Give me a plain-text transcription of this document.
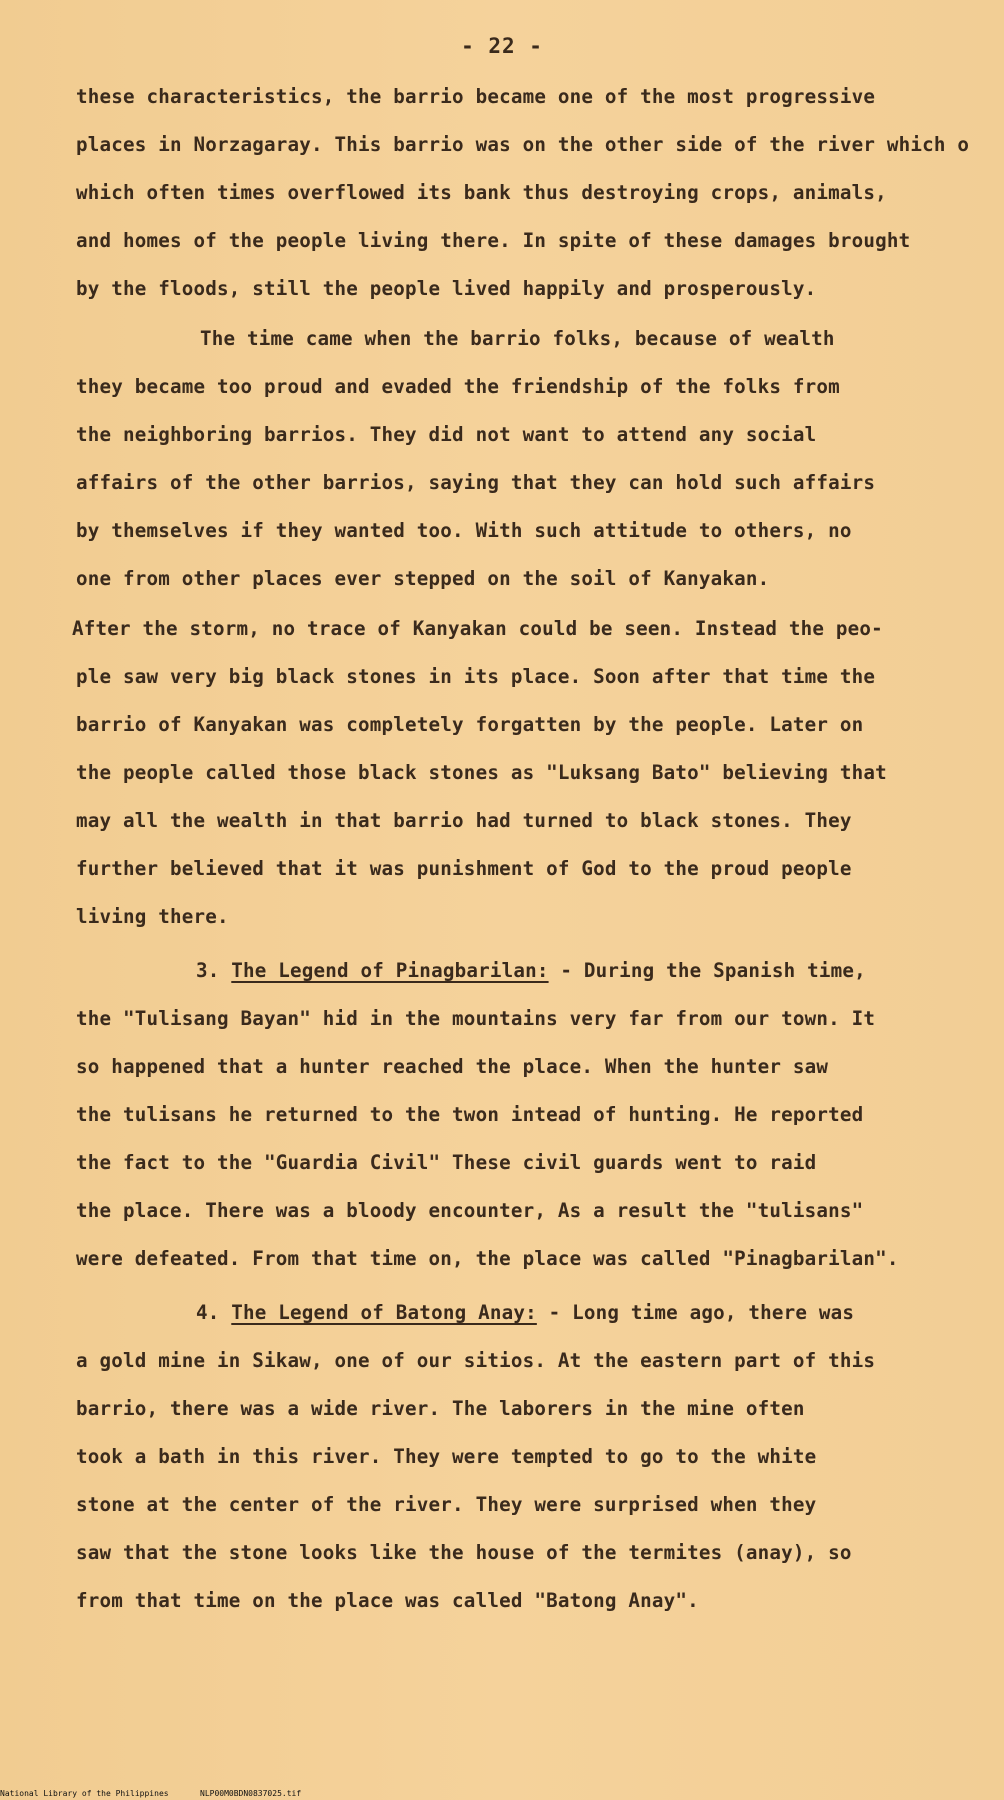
- 22 -
these characteristics, the barrio became one of the most progressive
places in Norzagaray. This barrio was on the other side of the river which o
which often times overflowed its bank thus destroying crops, animals,
and homes of the people living there. In spite of these damages brought
by the floods, still the people lived happily and prosperously.
The time came when the barrio folks, because of wealth
they became too proud and evaded the friendship of the folks from
the neighboring barrios. They did not want to attend any social
affairs of the other barrios, saying that they can hold such affairs
by themselves if they wanted too. With such attitude to others, no
one from other places ever stepped on the soil of Kanyakan.
After the storm, no trace of Kanyakan could be seen. Instead the peo-
ple saw very big black stones in its place. Soon after that time the
barrio of Kanyakan was completely forgatten by the people. Later on
the people called those black stones as "Luksang Bato" believing that
may all the wealth in that barrio had turned to black stones. They
further believed that it was punishment of God to the proud people
living there.
3. The Legend of Pinagbarilan: - During the Spanish time,
the "Tulisang Bayan" hid in the mountains very far from our town. It
so happened that a hunter reached the place. When the hunter saw
the tulisans he returned to the twon intead of hunting. He reported
the fact to the "Guardia Civil" These civil guards went to raid
the place. There was a bloody encounter, As a result the "tulisans"
were defeated. From that time on, the place was called "Pinagbarilan".
4. The Legend of Batong Anay: - Long time ago, there was
a gold mine in Sikaw, one of our sitios. At the eastern part of this
barrio, there was a wide river. The laborers in the mine often
took a bath in this river. They were tempted to go to the white
stone at the center of the river. They were surprised when they
saw that the stone looks like the house of the termites (anay), so
from that time on the place was called "Batong Anay".
National Library of the Philippines	NLP00M0BDN0837025.tif
